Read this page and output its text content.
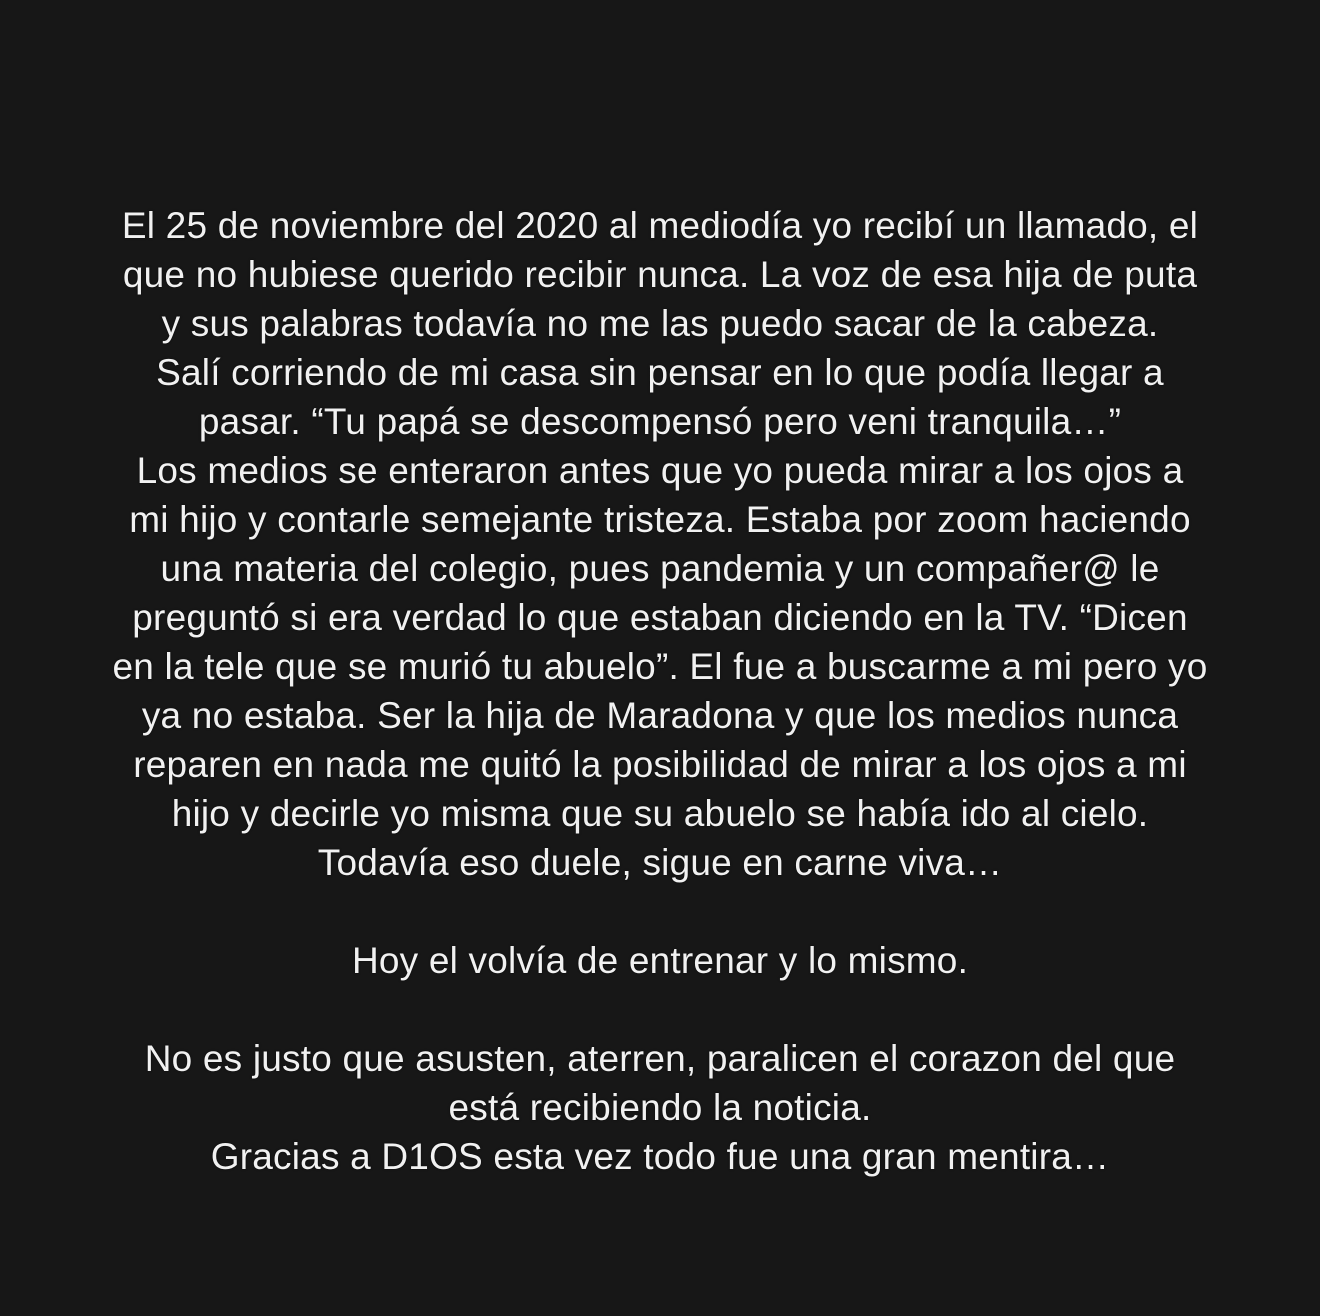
El 25 de noviembre del 2020 al mediodía yo recibí un llamado, el
que no hubiese querido recibir nunca. La voz de esa hija de puta
y sus palabras todavía no me las puedo sacar de la cabeza.
Salí corriendo de mi casa sin pensar en lo que podía llegar a
pasar. “Tu papá se descompensó pero veni tranquila…”
Los medios se enteraron antes que yo pueda mirar a los ojos a
mi hijo y contarle semejante tristeza. Estaba por zoom haciendo
una materia del colegio, pues pandemia y un compañer@ le
preguntó si era verdad lo que estaban diciendo en la TV. “Dicen
en la tele que se murió tu abuelo”. El fue a buscarme a mi pero yo
ya no estaba. Ser la hija de Maradona y que los medios nunca
reparen en nada me quitó la posibilidad de mirar a los ojos a mi
hijo y decirle yo misma que su abuelo se había ido al cielo.
Todavía eso duele, sigue en carne viva…
Hoy el volvía de entrenar y lo mismo.
No es justo que asusten, aterren, paralicen el corazon del que
está recibiendo la noticia.
Gracias a D1OS esta vez todo fue una gran mentira…
